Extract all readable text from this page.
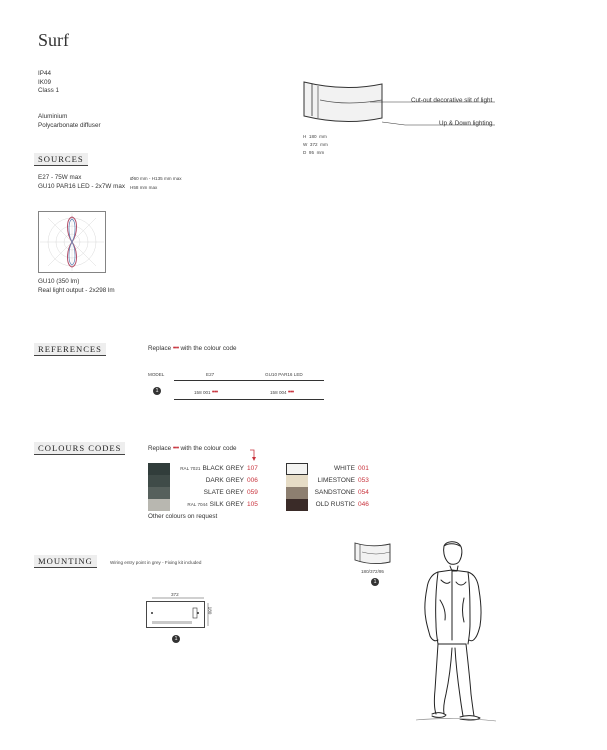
Surf
IP44
IK09
Class 1
Aluminium
Polycarbonate diffuser
Cut-out decorative slit of light
Up & Down lighting
H 180 mm
W 372 mm
D 95 mm
SOURCES
E27 - 75W max	Ø60 mm - H135 mm max
GU10 PAR16 LED - 2x7W max H58 mm max
GU10 (350 lm)
Real light output - 2x298 lm
REFERENCES	Replace ••• with the colour code
MODEL	E27	GU10 PAR16 LED
1	158 001 •••	158 004 •••
COLOURS CODES	Replace ••• with the colour code
RAL 7021 BLACK GREY 107
DARK GREY 006
SLATE GREY 059
RAL 7044 SILK GREY 105
WHITE 001
LIMESTONE 053
SANDSTONE 054
OLD RUSTIC 046
Other colours on request
MOUNTING	Wiring entry point in grey - Fixing kit included
372
180
1
180/372/95
1
